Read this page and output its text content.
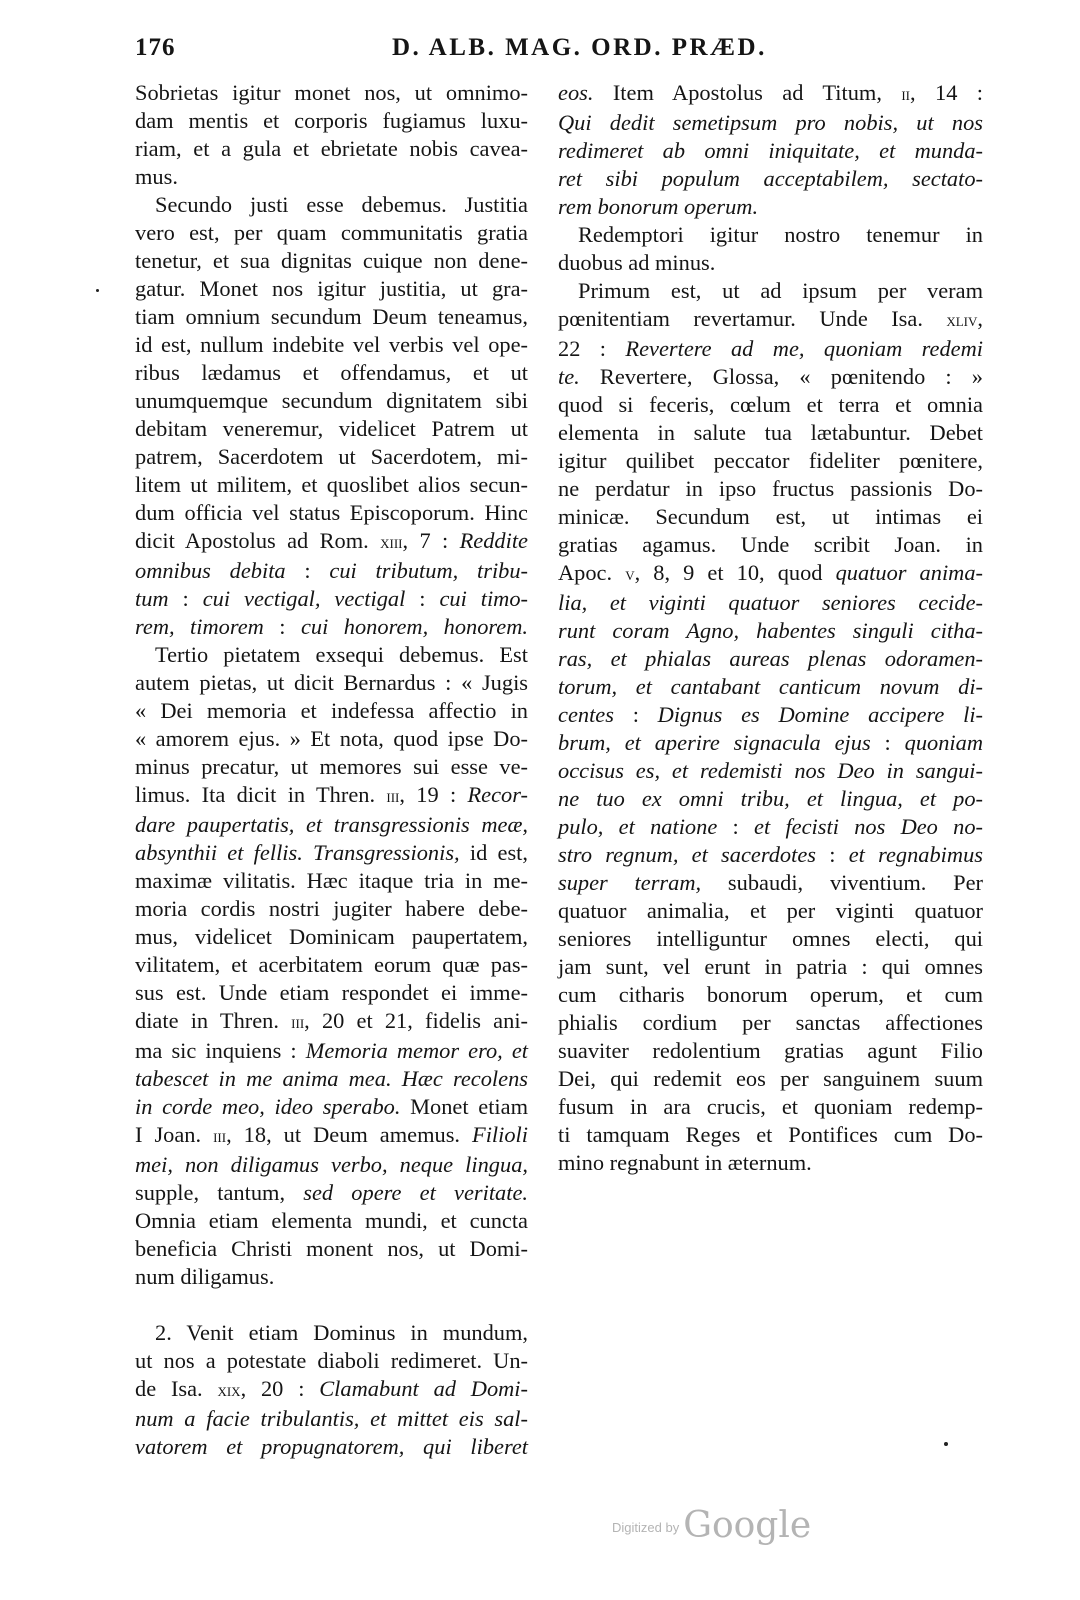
176	D. ALB. MAG. ORD. PRÆD.
Sobrietas igitur monet nos, ut omnimo-
dam mentis et corporis fugiamus luxu-
riam, et a gula et ebrietate nobis cavea-
mus.
Secundo justi esse debemus. Justitia
vero est, per quam communitatis gratia
tenetur, et sua dignitas cuique non dene-
gatur. Monet nos igitur justitia, ut gra-
tiam omnium secundum Deum teneamus,
id est, nullum indebite vel verbis vel ope-
ribus lædamus et offendamus, et ut
unumquemque secundum dignitatem sibi
debitam veneremur, videlicet Patrem ut
patrem, Sacerdotem ut Sacerdotem, mi-
litem ut militem, et quoslibet alios secun-
dum officia vel status Episcoporum. Hinc
dicit Apostolus ad Rom. xiii, 7 : Reddite
omnibus debita : cui tributum, tribu-
tum : cui vectigal, vectigal : cui timo-
rem, timorem : cui honorem, honorem.
Tertio pietatem exsequi debemus. Est
autem pietas, ut dicit Bernardus : « Jugis
« Dei memoria et indefessa affectio in
« amorem ejus. » Et nota, quod ipse Do-
minus precatur, ut memores sui esse ve-
limus. Ita dicit in Thren. iii, 19 : Recor-
dare paupertatis, et transgressionis meæ,
absynthii et fellis. Transgressionis, id est,
maximæ vilitatis. Hæc itaque tria in me-
moria cordis nostri jugiter habere debe-
mus, videlicet Dominicam paupertatem,
vilitatem, et acerbitatem eorum quæ pas-
sus est. Unde etiam respondet ei imme-
diate in Thren. iii, 20 et 21, fidelis ani-
ma sic inquiens : Memoria memor ero, et
tabescet in me anima mea. Hæc recolens
in corde meo, ideo sperabo. Monet etiam
I Joan. iii, 18, ut Deum amemus. Filioli
mei, non diligamus verbo, neque lingua,
supple, tantum, sed opere et veritate.
Omnia etiam elementa mundi, et cuncta
beneficia Christi monent nos, ut Domi-
num diligamus.
2. Venit etiam Dominus in mundum,
ut nos a potestate diaboli redimeret. Un-
de Isa. xix, 20 : Clamabunt ad Domi-
num a facie tribulantis, et mittet eis sal-
vatorem et propugnatorem, qui liberet
eos. Item Apostolus ad Titum, ii, 14 :
Qui dedit semetipsum pro nobis, ut nos
redimeret ab omni iniquitate, et munda-
ret sibi populum acceptabilem, sectato-
rem bonorum operum.
Redemptori igitur nostro tenemur in
duobus ad minus.
Primum est, ut ad ipsum per veram
pœnitentiam revertamur. Unde Isa. xliv,
22 : Revertere ad me, quoniam redemi
te. Revertere, Glossa, « pœnitendo : »
quod si feceris, cœlum et terra et omnia
elementa in salute tua lætabuntur. Debet
igitur quilibet peccator fideliter pœnitere,
ne perdatur in ipso fructus passionis Do-
minicæ. Secundum est, ut intimas ei
gratias agamus. Unde scribit Joan. in
Apoc. v, 8, 9 et 10, quod quatuor anima-
lia, et viginti quatuor seniores cecide-
runt coram Agno, habentes singuli citha-
ras, et phialas aureas plenas odoramen-
torum, et cantabant canticum novum di-
centes : Dignus es Domine accipere li-
brum, et aperire signacula ejus : quoniam
occisus es, et redemisti nos Deo in sangui-
ne tuo ex omni tribu, et lingua, et po-
pulo, et natione : et fecisti nos Deo no-
stro regnum, et sacerdotes : et regnabimus
super terram, subaudi, viventium. Per
quatuor animalia, et per viginti quatuor
seniores intelliguntur omnes electi, qui
jam sunt, vel erunt in patria : qui omnes
cum citharis bonorum operum, et cum
phialis cordium per sanctas affectiones
suaviter redolentium gratias agunt Filio
Dei, qui redemit eos per sanguinem suum
fusum in ara crucis, et quoniam redemp-
ti tamquam Reges et Pontifices cum Do-
mino regnabunt in æternum.
$^{Digitized by}$ Google
